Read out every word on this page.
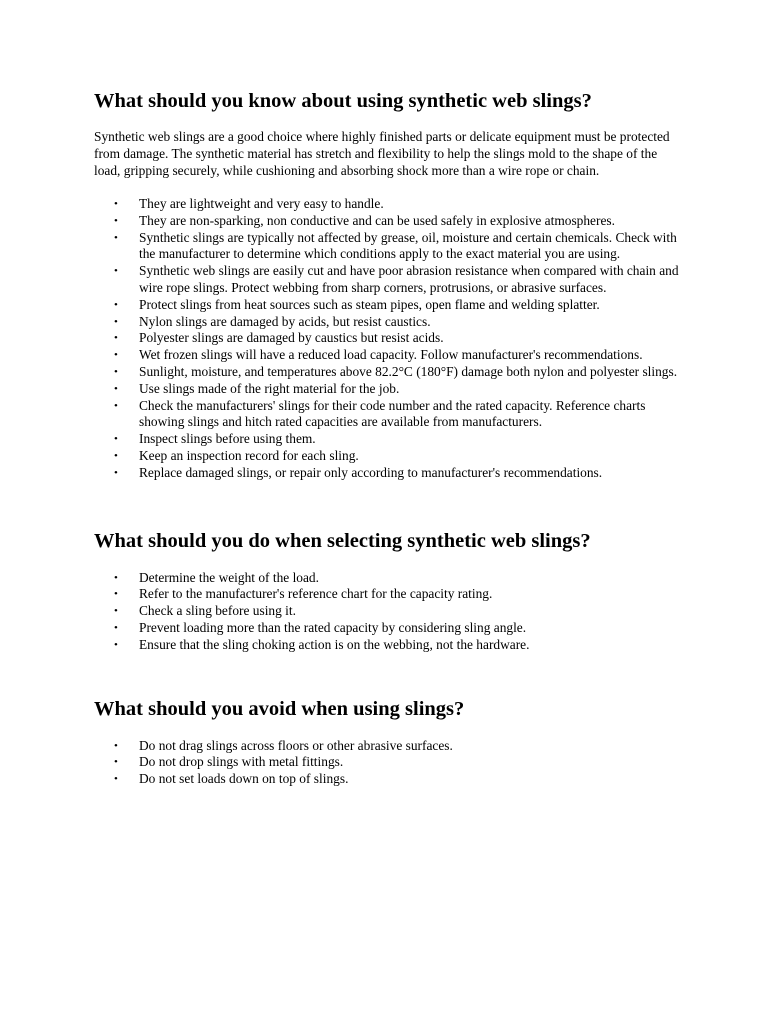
What should you know about using synthetic web slings?

Synthetic web slings are a good choice where highly finished parts or delicate equipment must be protected from damage. The synthetic material has stretch and flexibility to help the slings mold to the shape of the load, gripping securely, while cushioning and absorbing shock more than a wire rope or chain.

• They are lightweight and very easy to handle.
• They are non-sparking, non conductive and can be used safely in explosive atmospheres.
• Synthetic slings are typically not affected by grease, oil, moisture and certain chemicals. Check with the manufacturer to determine which conditions apply to the exact material you are using.
• Synthetic web slings are easily cut and have poor abrasion resistance when compared with chain and wire rope slings. Protect webbing from sharp corners, protrusions, or abrasive surfaces.
• Protect slings from heat sources such as steam pipes, open flame and welding splatter.
• Nylon slings are damaged by acids, but resist caustics.
• Polyester slings are damaged by caustics but resist acids.
• Wet frozen slings will have a reduced load capacity. Follow manufacturer's recommendations.
• Sunlight, moisture, and temperatures above 82.2°C (180°F) damage both nylon and polyester slings.
• Use slings made of the right material for the job.
• Check the manufacturers' slings for their code number and the rated capacity. Reference charts showing slings and hitch rated capacities are available from manufacturers.
• Inspect slings before using them.
• Keep an inspection record for each sling.
• Replace damaged slings, or repair only according to manufacturer's recommendations.
What should you do when selecting synthetic web slings?
• Determine the weight of the load.
• Refer to the manufacturer's reference chart for the capacity rating.
• Check a sling before using it.
• Prevent loading more than the rated capacity by considering sling angle.
• Ensure that the sling choking action is on the webbing, not the hardware.
What should you avoid when using slings?
• Do not drag slings across floors or other abrasive surfaces.
• Do not drop slings with metal fittings.
• Do not set loads down on top of slings.
